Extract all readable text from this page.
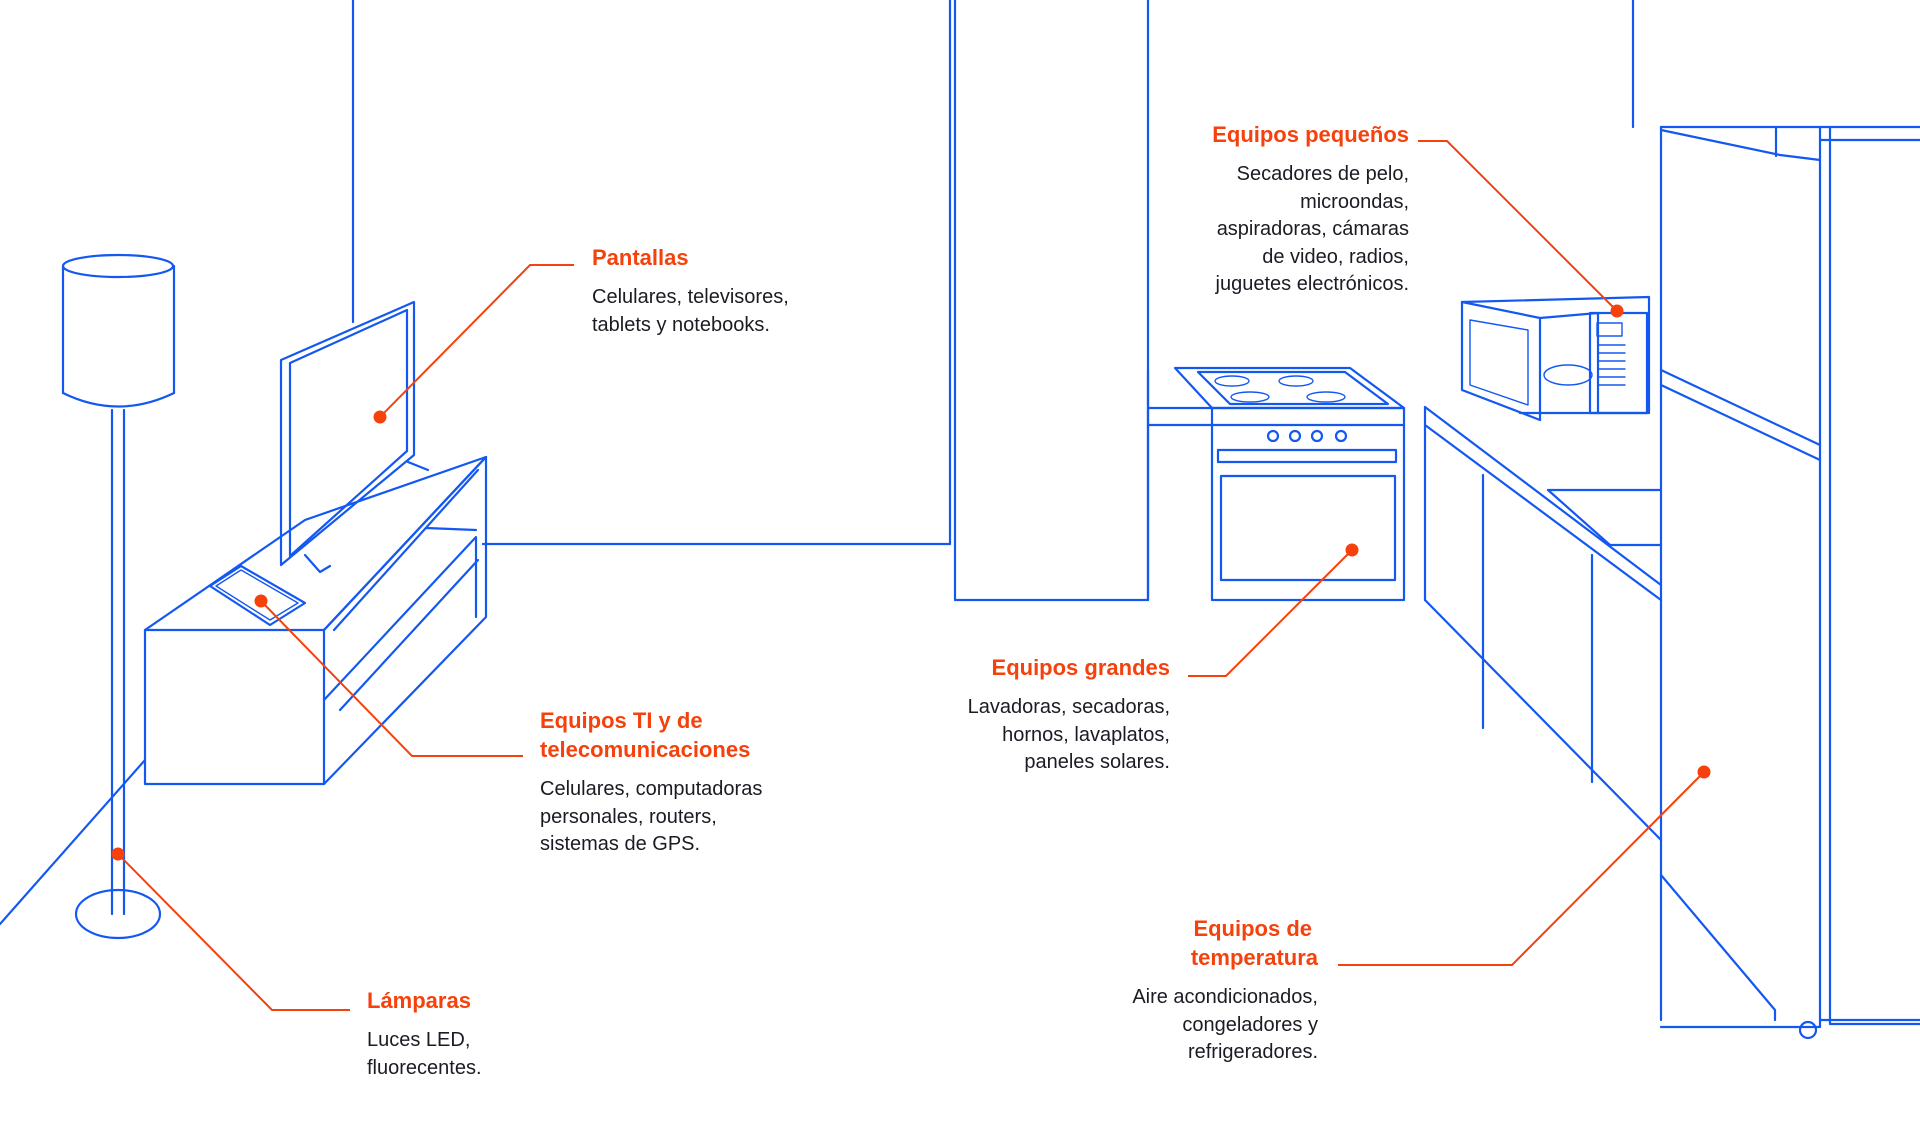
Pantallas
Celulares, televisores,
tablets y notebooks.
Equipos TI y de
telecomunicaciones
Celulares, computadoras
personales, routers,
sistemas de GPS.
Lámparas
Luces LED,
fluorecentes.
Equipos pequeños
Secadores de pelo,
microondas,
aspiradoras, cámaras
de video, radios,
juguetes electrónicos.
Equipos grandes
Lavadoras, secadoras,
hornos, lavaplatos,
paneles solares.
Equipos de
temperatura
Aire acondicionados,
congeladores y
refrigeradores.
